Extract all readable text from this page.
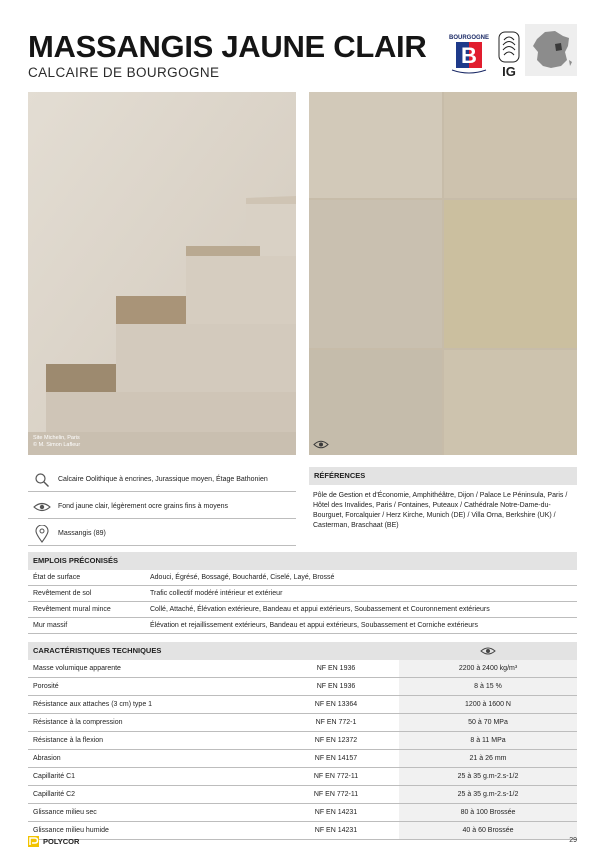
MASSANGIS JAUNE CLAIR
CALCAIRE DE BOURGOGNE
BOURGOGNE
B
IG
Site Michelin, Paris
© M. Simon Lafleur
Calcaire Oolithique à encrines, Jurassique moyen, Étage Bathonien
Fond jaune clair, légèrement ocre grains fins à moyens
Massangis (89)
RÉFÉRENCES
Pôle de Gestion et d'Économie, Amphithéâtre, Dijon / Palace Le Péninsula, Paris / Hôtel des Invalides, Paris / Fontaines, Puteaux / Cathédrale Notre-Dame-du-Bourguet, Forcalquier / Herz Kirche, Munich (DE) / Villa Orna, Berkshire (UK) / Casterman, Braschaat (BE)
EMPLOIS PRÉCONISÉS
État de surface	Adouci, Égrésé, Bossagé, Bouchardé, Ciselé, Layé, Brossé
Revêtement de sol	Trafic collectif modéré intérieur et extérieur
Revêtement mural mince	Collé, Attaché, Élévation extérieure, Bandeau et appui extérieurs, Soubassement et Couronnement extérieurs
Mur massif	Élévation et rejaillissement extérieurs, Bandeau et appui extérieurs, Soubassement et Corniche extérieurs
CARACTÉRISTIQUES TECHNIQUES
Masse volumique apparente	NF EN 1936	2200 à 2400 kg/m³
Porosité	NF EN 1936	8 à 15 %
Résistance aux attaches (3 cm) type 1	NF EN 13364	1200 à 1600 N
Résistance à la compression	NF EN 772-1	50 à 70 MPa
Résistance à la flexion	NF EN 12372	8 à 11 MPa
Abrasion	NF EN 14157	21 à 26 mm
Capillarité C1	NF EN 772-11	25 à 35 g.m-2.s-1/2
Capillarité C2	NF EN 772-11	25 à 35 g.m-2.s-1/2
Glissance milieu sec	NF EN 14231	80 à 100 Brossée
Glissance milieu humide	NF EN 14231	40 à 60 Brossée
POLYCOR	29
